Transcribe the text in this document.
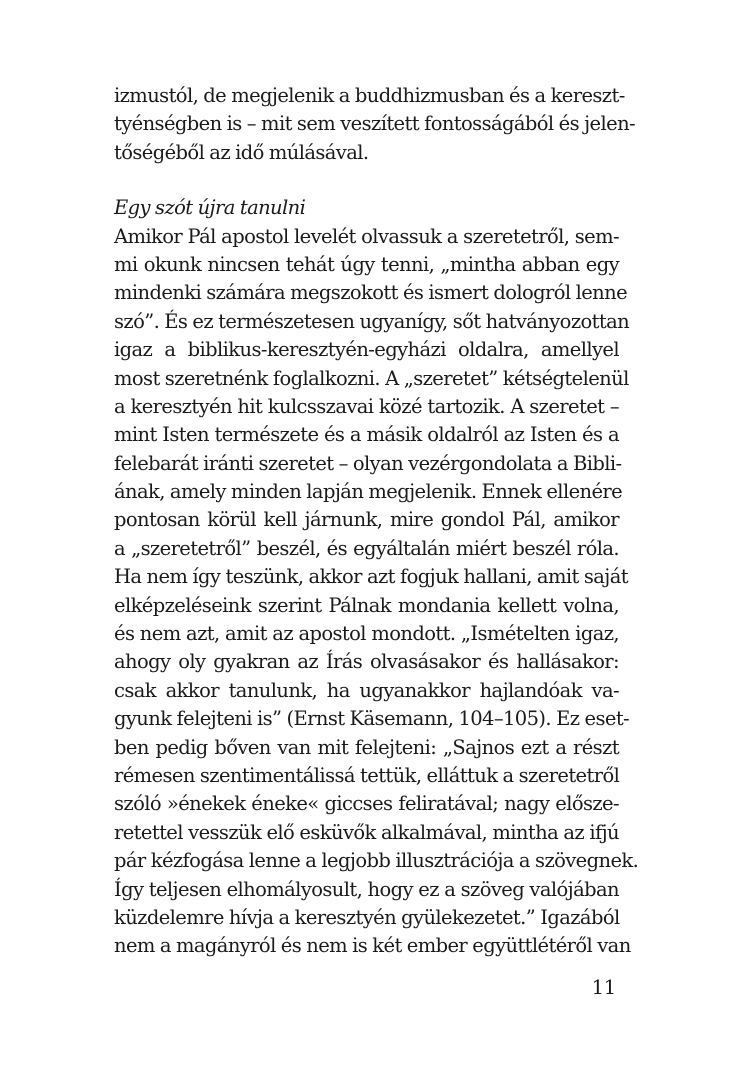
izmustól, de megjelenik a buddhizmusban és a kereszt-
tyénségben is – mit sem veszített fontosságából és jelen-
tőségéből az idő múlásával.
Egy szót újra tanulni
Amikor Pál apostol levelét olvassuk a szeretetről, sem-
mi okunk nincsen tehát úgy tenni, „mintha abban egy
mindenki számára megszokott és ismert dologról lenne
szó”. És ez természetesen ugyanígy, sőt hatványozottan
igaz a biblikus-keresztyén-egyházi oldalra, amellyel
most szeretnénk foglalkozni. A „szeretet” kétségtelenül
a keresztyén hit kulcsszavai közé tartozik. A szeretet –
mint Isten természete és a másik oldalról az Isten és a
felebarát iránti szeretet – olyan vezérgondolata a Bibli-
ának, amely minden lapján megjelenik. Ennek ellenére
pontosan körül kell járnunk, mire gondol Pál, amikor
a „szeretetről” beszél, és egyáltalán miért beszél róla.
Ha nem így teszünk, akkor azt fogjuk hallani, amit saját
elképzeléseink szerint Pálnak mondania kellett volna,
és nem azt, amit az apostol mondott. „Ismételten igaz,
ahogy oly gyakran az Írás olvasásakor és hallásakor:
csak akkor tanulunk, ha ugyanakkor hajlandóak va-
gyunk felejteni is” (Ernst Käsemann, 104–105). Ez eset-
ben pedig bőven van mit felejteni: „Sajnos ezt a részt
rémesen szentimentálissá tettük, elláttuk a szeretetről
szóló »énekek éneke« giccses feliratával; nagy elősze-
retettel vesszük elő esküvők alkalmával, mintha az ifjú
pár kézfogása lenne a legjobb illusztrációja a szövegnek.
Így teljesen elhomályosult, hogy ez a szöveg valójában
küzdelemre hívja a keresztyén gyülekezetet.” Igazából
nem a magányról és nem is két ember együttlétéről van
11
